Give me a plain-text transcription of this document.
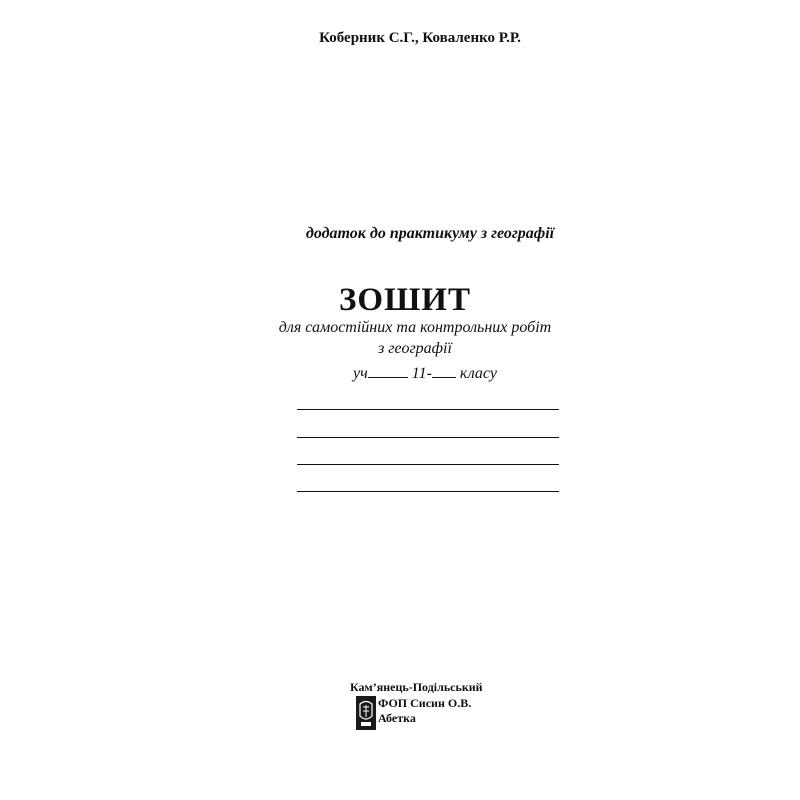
Коберник С.Г., Коваленко Р.Р.
додаток до практикуму з географії
ЗОШИТ
для самостійних та контрольних робіт
з географії
уч	11- класу
Кам’янець-Подільський
ФОП Сисин О.В.
Абетка
